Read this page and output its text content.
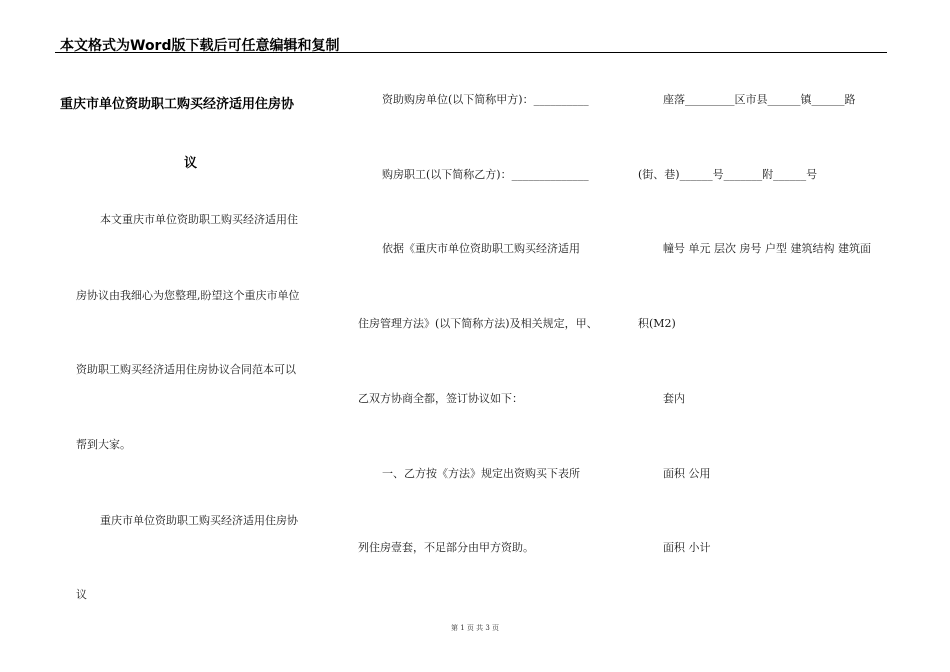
本文格式为Word版下载后可任意编辑和复制
重庆市单位资助职工购买经济适用住房协
议
本文重庆市单位资助职工购买经济适用住
房协议由我细心为您整理,盼望这个重庆市单位
资助职工购买经济适用住房协议合同范本可以
帮到大家。
重庆市单位资助职工购买经济适用住房协
议
资助购房单位(以下简称甲方)：__________
购房职工(以下简称乙方)：______________
依据《重庆市单位资助职工购买经济适用
住房管理方法》(以下简称方法)及相关规定，甲、
乙双方协商全都，签订协议如下：
一、乙方按《方法》规定出资购买下表所
列住房壹套，不足部分由甲方资助。
座落_________区市县______镇______路
(街、巷)______号_______附______号
幢号 单元 层次 房号 户型 建筑结构 建筑面
积(M2)
套内
面积 公用
面积 小计
第 1 页 共 3 页
